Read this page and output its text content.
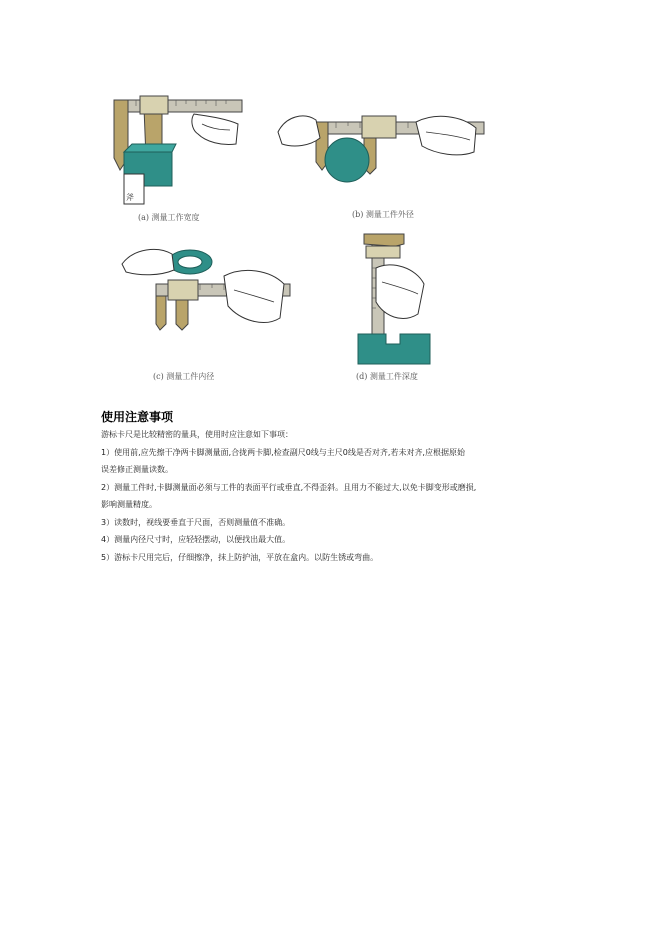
斧
(a) 测量工作宽度	(b) 测量工件外径
(c) 测量工件内径	(d) 测量工件深度
使用注意事项
游标卡尺是比较精密的量具，使用时应注意如下事项：
1）使用前,应先擦干净两卡脚测量面,合拢两卡脚,检查副尺0线与主尺0线是否对齐,若未对齐,应根据原始
误差修正测量读数。
2）测量工件时,卡脚测量面必须与工件的表面平行或垂直,不得歪斜。且用力不能过大,以免卡脚变形或磨损,
影响测量精度。
3）读数时，视线要垂直于尺面，否则测量值不准确。
4）测量内径尺寸时，应轻轻摆动，以便找出最大值。
5）游标卡尺用完后，仔细擦净，抹上防护油，平放在盒内。以防生锈或弯曲。
